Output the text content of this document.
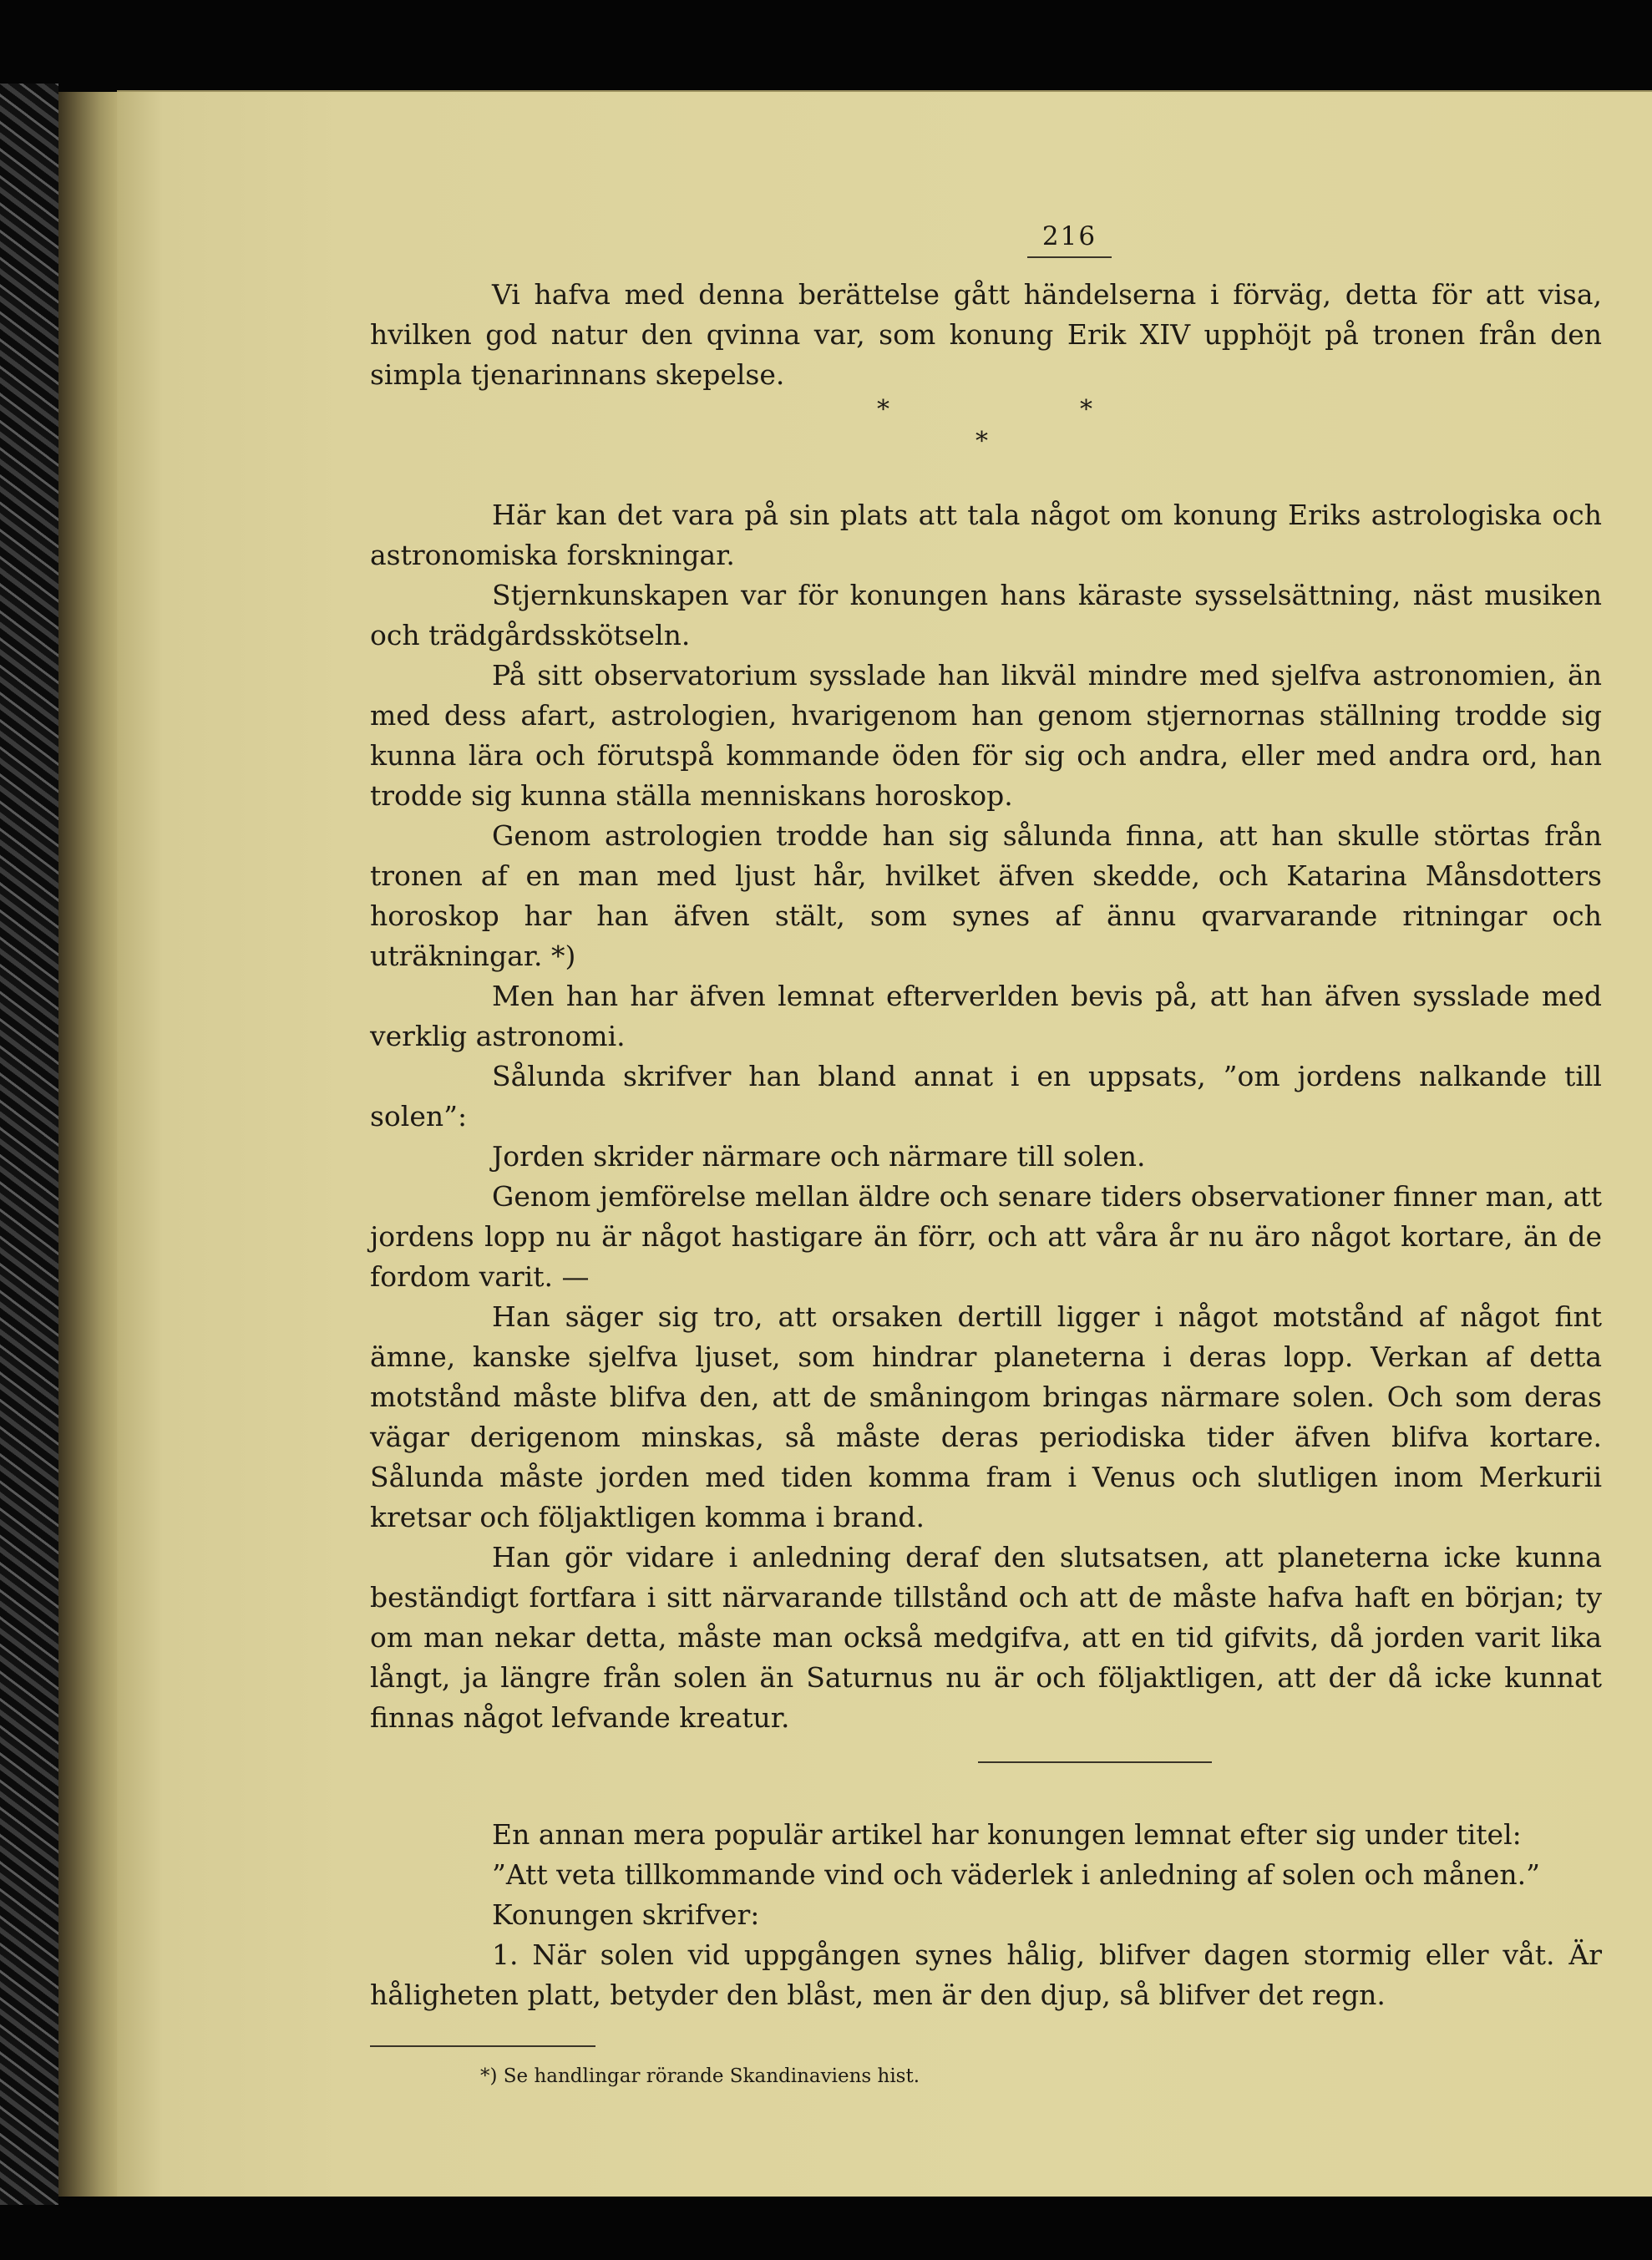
216

Vi hafva med denna berättelse gått händelserna i förväg, detta för att visa, hvilken god natur den qvinna var, som konung Erik XIV upphöjt på tronen från den simpla tjenarinnans skepelse.

*	*
*

Här kan det vara på sin plats att tala något om konung Eriks astrologiska och astronomiska forskningar.

Stjernkunskapen var för konungen hans käraste sysselsättning, näst musiken och trädgårdsskötseln.

På sitt observatorium sysslade han likväl mindre med sjelfva astronomien, än med dess afart, astrologien, hvarigenom han genom stjernornas ställning trodde sig kunna lära och förutspå kommande öden för sig och andra, eller med andra ord, han trodde sig kunna ställa menniskans horoskop.

Genom astrologien trodde han sig sålunda finna, att han skulle störtas från tronen af en man med ljust hår, hvilket äfven skedde, och Katarina Månsdotters horoskop har han äfven stält, som synes af ännu qvarvarande ritningar och uträkningar. *)

Men han har äfven lemnat efterverlden bevis på, att han äfven sysslade med verklig astronomi.

Sålunda skrifver han bland annat i en uppsats, ”om jordens nalkande till solen”:

Jorden skrider närmare och närmare till solen.

Genom jemförelse mellan äldre och senare tiders observationer finner man, att jordens lopp nu är något hastigare än förr, och att våra år nu äro något kortare, än de fordom varit. —

Han säger sig tro, att orsaken dertill ligger i något motstånd af något fint ämne, kanske sjelfva ljuset, som hindrar planeterna i deras lopp. Verkan af detta motstånd måste blifva den, att de småningom bringas närmare solen. Och som deras vägar derigenom minskas, så måste deras periodiska tider äfven blifva kortare. Sålunda måste jorden med tiden komma fram i Venus och slutligen inom Merkurii kretsar och följaktligen komma i brand.

Han gör vidare i anledning deraf den slutsatsen, att planeterna icke kunna beständigt fortfara i sitt närvarande tillstånd och att de måste hafva haft en början; ty om man nekar detta, måste man också medgifva, att en tid gifvits, då jorden varit lika långt, ja längre från solen än Saturnus nu är och följaktligen, att der då icke kunnat finnas något lefvande kreatur.

En annan mera populär artikel har konungen lemnat efter sig under titel:

”Att veta tillkommande vind och väderlek i anledning af solen och månen.”

Konungen skrifver:

1. När solen vid uppgången synes hålig, blifver dagen stormig eller våt. Är håligheten platt, betyder den blåst, men är den djup, så blifver det regn.

*) Se handlingar rörande Skandinaviens hist.
